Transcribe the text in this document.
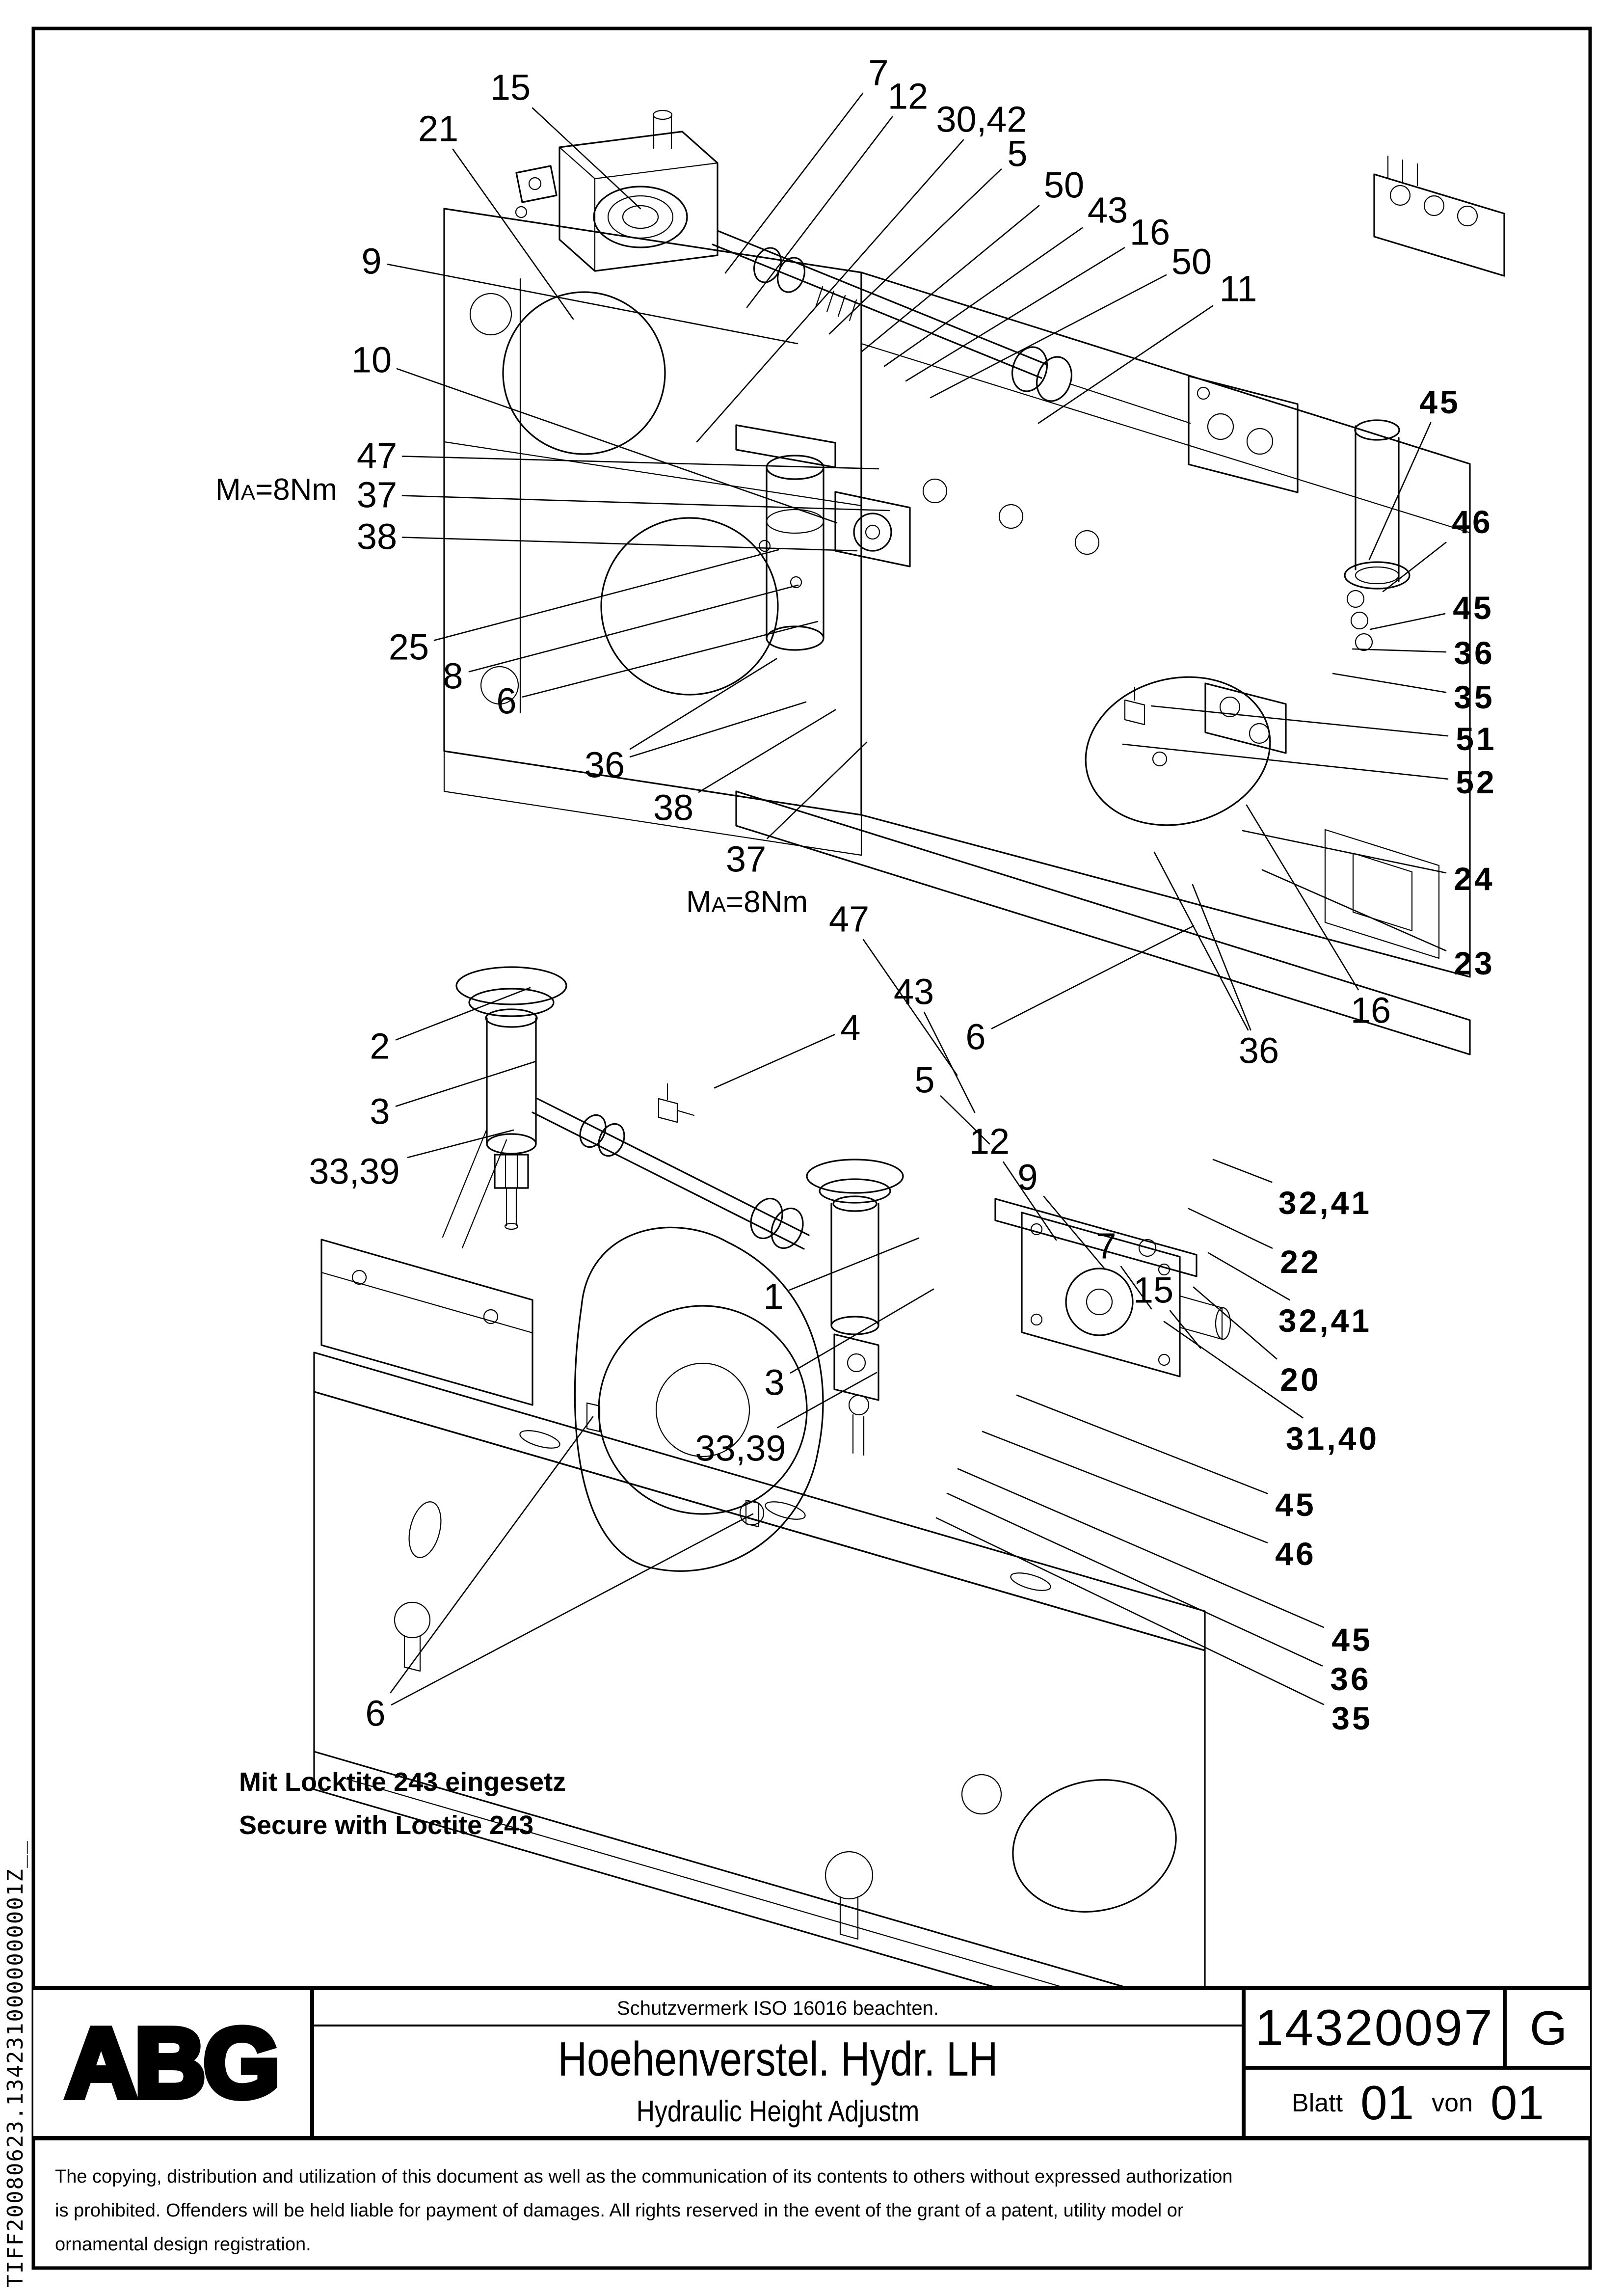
TIFF20080623.1342310000000001Z__
15
21
9
10
7
12
30,42
5
50
43
16
50
11
45
46
45
36
35
51
52
24
23
16
36
47
37
38
25
8
6
36
38
37
47
43
4
5
6
12
9
7
15
2
3
33,39
1
3
33,39
32,41
22
32,41
20
31,40
45
46
45
36
35
6
MA=8Nm
MA=8Nm
Mit Locktite 243 eingesetz
Secure with Loctite 243
ABG	Schutzvermerk ISO 16016 beachten.
Hoehenverstel. Hydr. LH
Hydraulic Height Adjustm
14320097 G
Blatt 01 von 01
The copying, distribution and utilization of this document as well as the communication of its contents to others without expressed authorization
is prohibited. Offenders will be held liable for payment of damages. All rights reserved in the event of the grant of a patent, utility model or
ornamental design registration.
